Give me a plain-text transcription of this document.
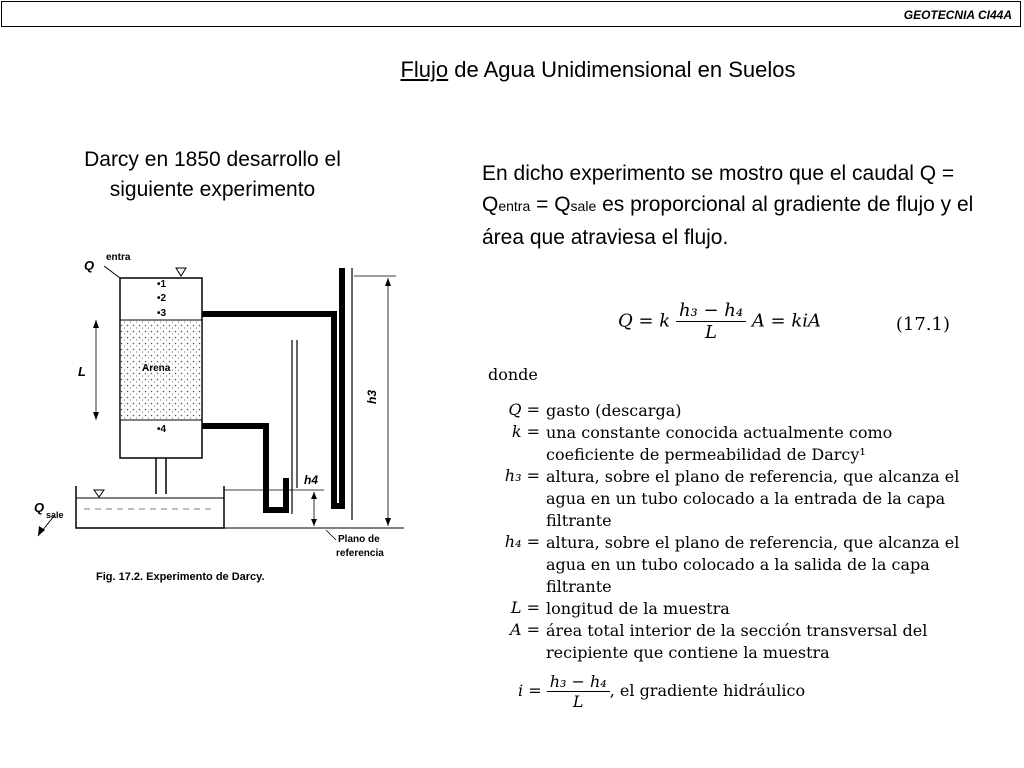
GEOTECNIA CI44A
Flujo de Agua Unidimensional en Suelos
Darcy en 1850 desarrollo el
siguiente experimento
En dicho experimento se mostro que el caudal Q = Qentra = Qsale es proporcional al gradiente de flujo y el área que atraviesa el flujo.
Q = k $\frac{\text{h₃ − h₄}}{L}$ A = kiA	(17.1)
donde
Q = gasto (descarga)
k = una constante conocida actualmente como coeficiente de permeabilidad de Darcy¹
h₃ = altura, sobre el plano de referencia, que alcanza el agua en un tubo colocado a la entrada de la capa filtrante
h₄ = altura, sobre el plano de referencia, que alcanza el agua en un tubo colocado a la salida de la capa filtrante
L = longitud de la muestra
A = área total interior de la sección transversal del recipiente que contiene la muestra
$i = \frac{\text{h₃ − h₄}}{L}$ , el gradiente hidráulico
Q
entra
•1
•2
•3
•4
Arena
L
h3
h4
Q sale
Plano de
referencia
Fig. 17.2. Experimento de Darcy.
